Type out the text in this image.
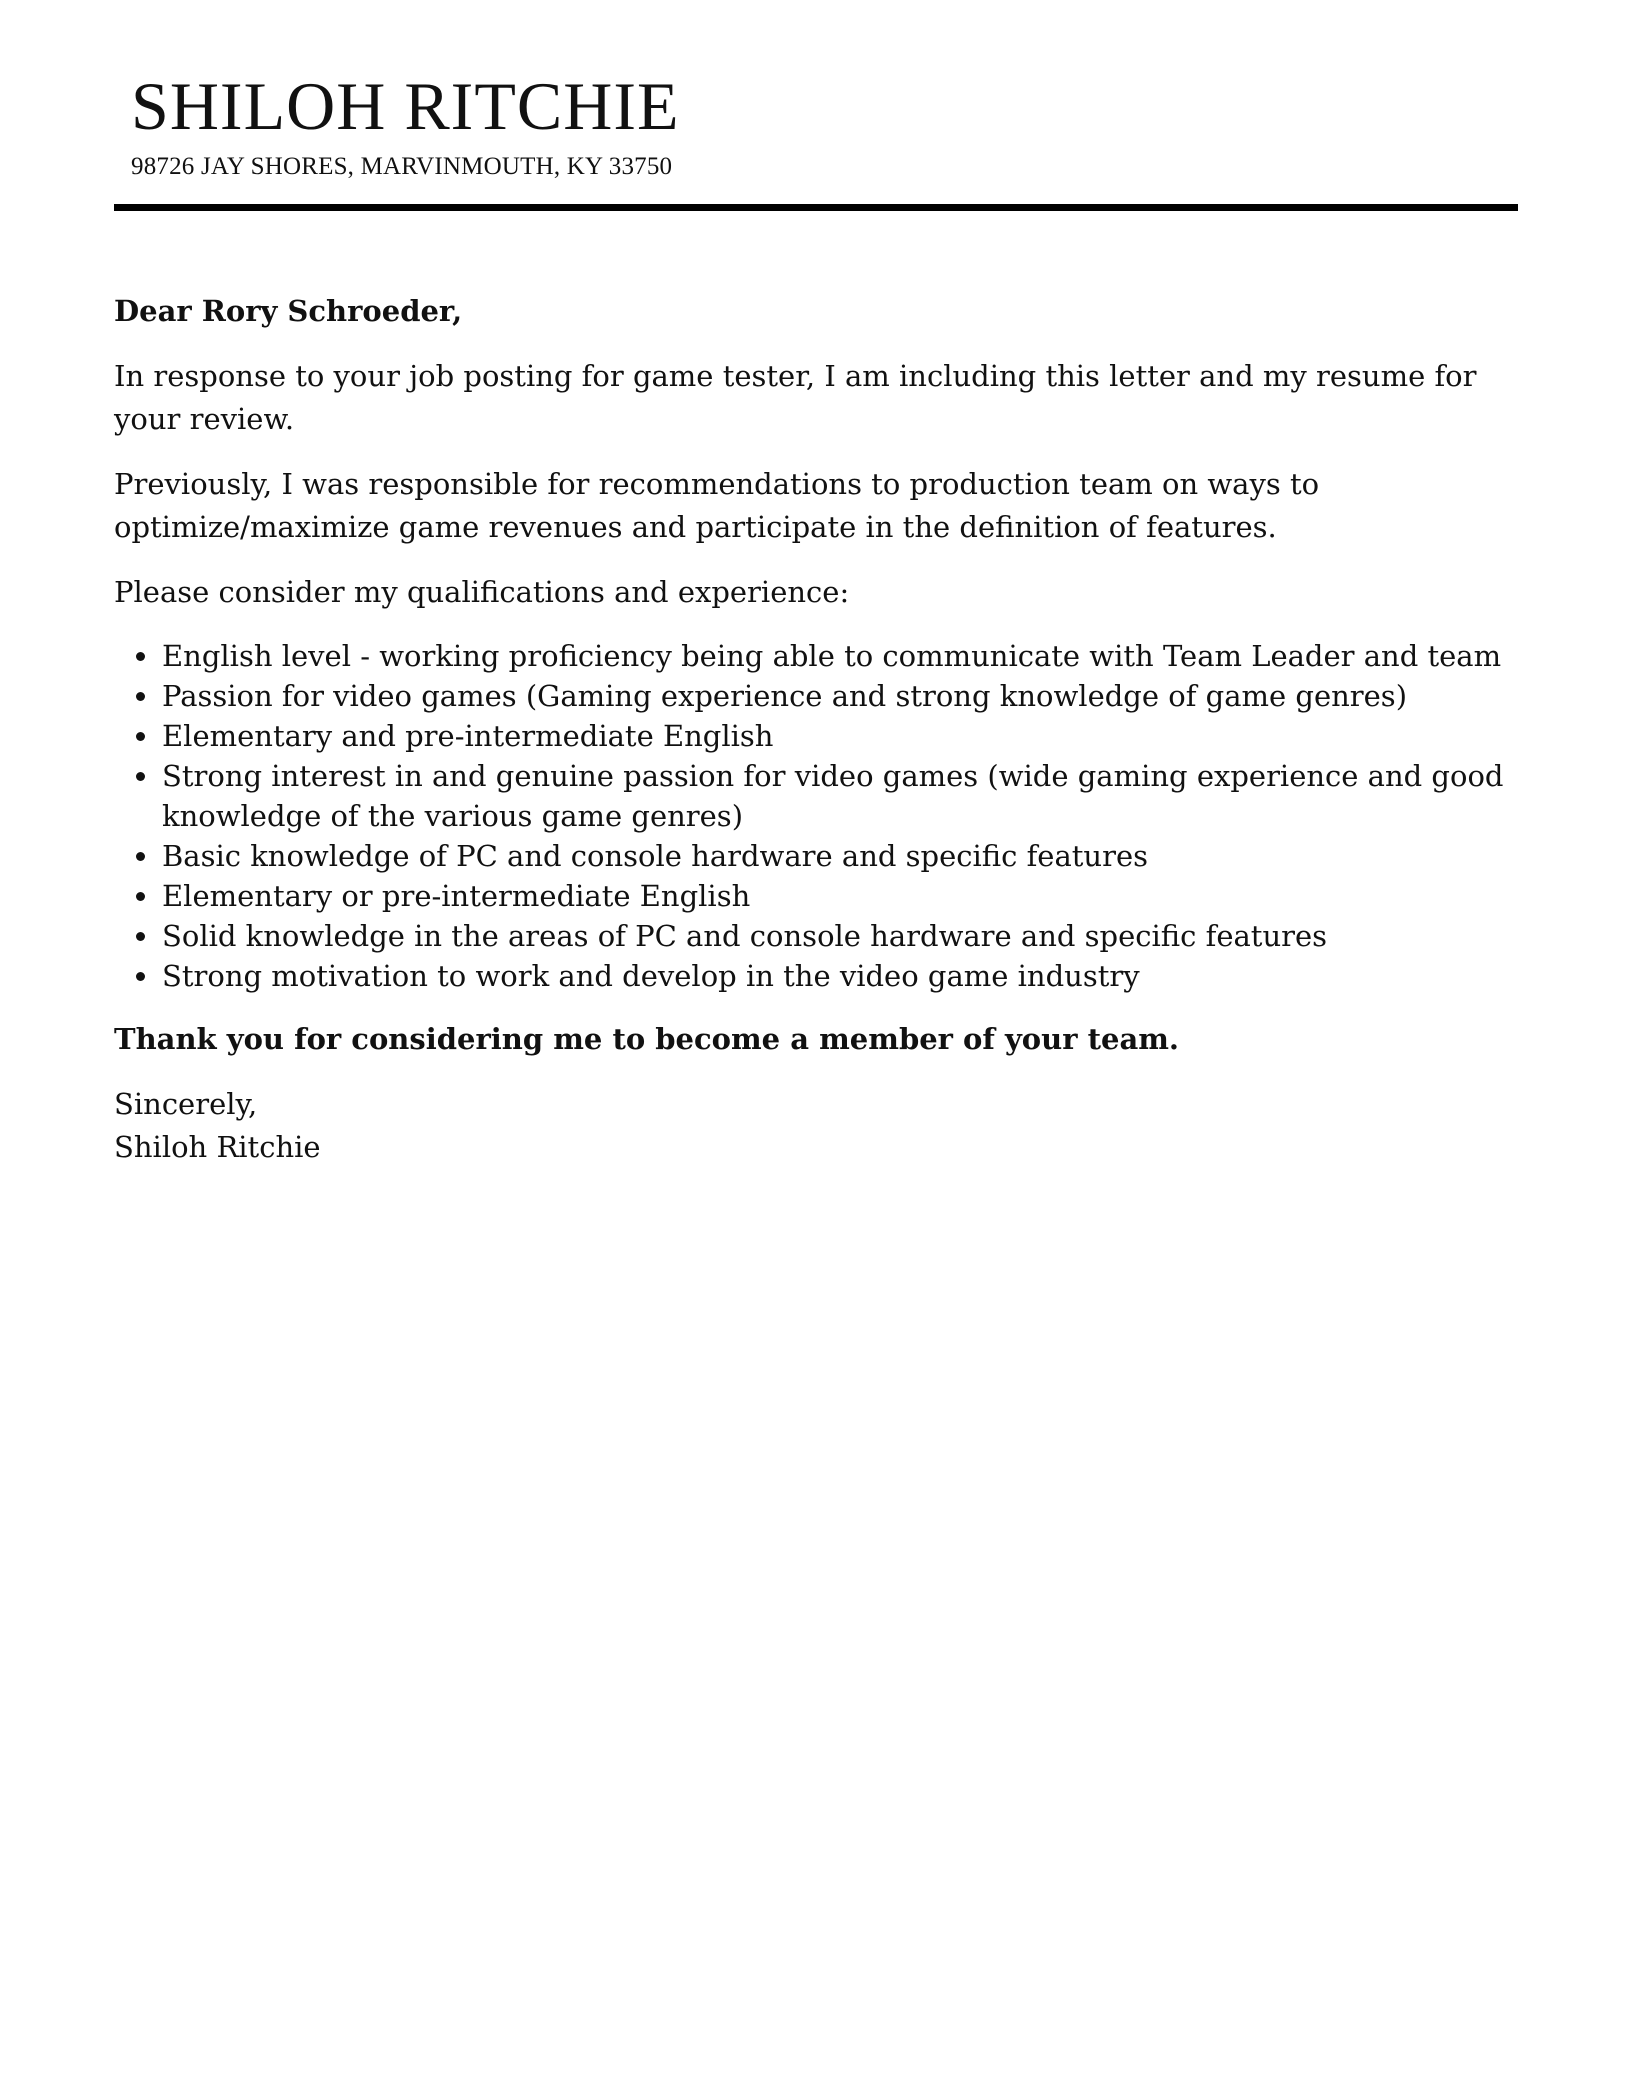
SHILOH RITCHIE
98726 JAY SHORES, MARVINMOUTH, KY 33750

Dear Rory Schroeder,

In response to your job posting for game tester, I am including this letter and my resume for your review.

Previously, I was responsible for recommendations to production team on ways to optimize/maximize game revenues and participate in the definition of features.

Please consider my qualifications and experience:

English level - working proficiency being able to communicate with Team Leader and team
Passion for video games (Gaming experience and strong knowledge of game genres)
Elementary and pre-intermediate English
Strong interest in and genuine passion for video games (wide gaming experience and good knowledge of the various game genres)
Basic knowledge of PC and console hardware and specific features
Elementary or pre-intermediate English
Solid knowledge in the areas of PC and console hardware and specific features
Strong motivation to work and develop in the video game industry

Thank you for considering me to become a member of your team.

Sincerely,
Shiloh Ritchie
